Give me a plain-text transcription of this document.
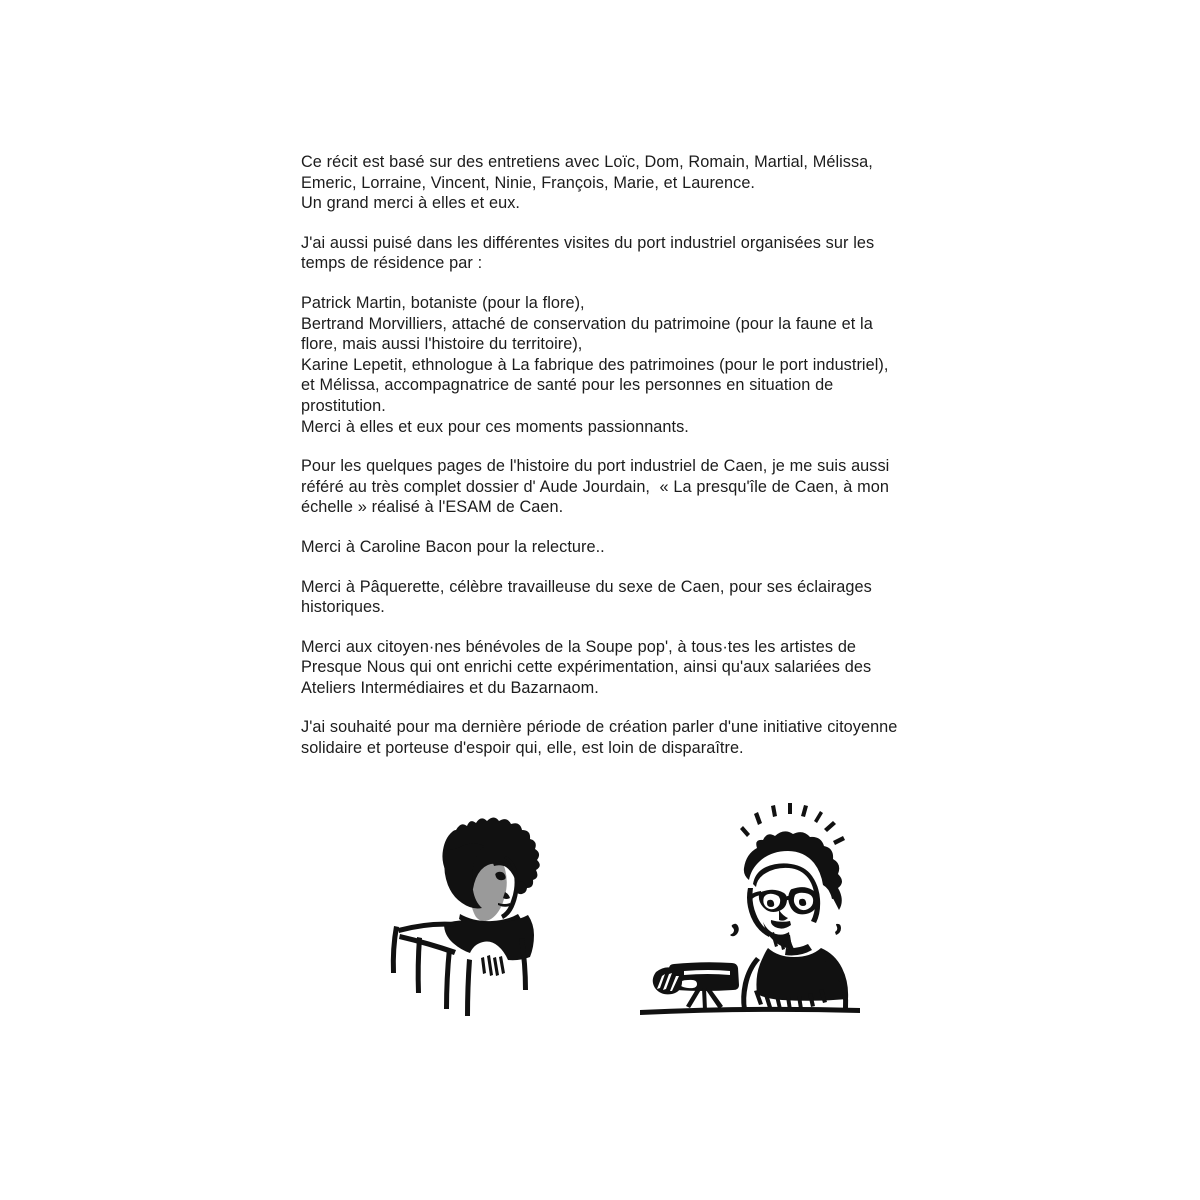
Ce récit est basé sur des entretiens avec Loïc, Dom, Romain, Martial, Mélissa,
Emeric, Lorraine, Vincent, Ninie, François, Marie, et Laurence.
Un grand merci à elles et eux.

J'ai aussi puisé dans les différentes visites du port industriel organisées sur les
temps de résidence par :

Patrick Martin, botaniste (pour la flore),
Bertrand Morvilliers, attaché de conservation du patrimoine (pour la faune et la
flore, mais aussi l'histoire du territoire),
Karine Lepetit, ethnologue à La fabrique des patrimoines (pour le port industriel),
et Mélissa, accompagnatrice de santé pour les personnes en situation de
prostitution.
Merci à elles et eux pour ces moments passionnants.

Pour les quelques pages de l'histoire du port industriel de Caen, je me suis aussi
référé au très complet dossier d' Aude Jourdain,  « La presqu'île de Caen, à mon
échelle » réalisé à l'ESAM de Caen.

Merci à Caroline Bacon pour la relecture..

Merci à Pâquerette, célèbre travailleuse du sexe de Caen, pour ses éclairages
historiques.

Merci aux citoyen·nes bénévoles de la Soupe pop', à tous·tes les artistes de
Presque Nous qui ont enrichi cette expérimentation, ainsi qu'aux salariées des
Ateliers Intermédiaires et du Bazarnaom.

J'ai souhaité pour ma dernière période de création parler d'une initiative citoyenne
solidaire et porteuse d'espoir qui, elle, est loin de disparaître.
